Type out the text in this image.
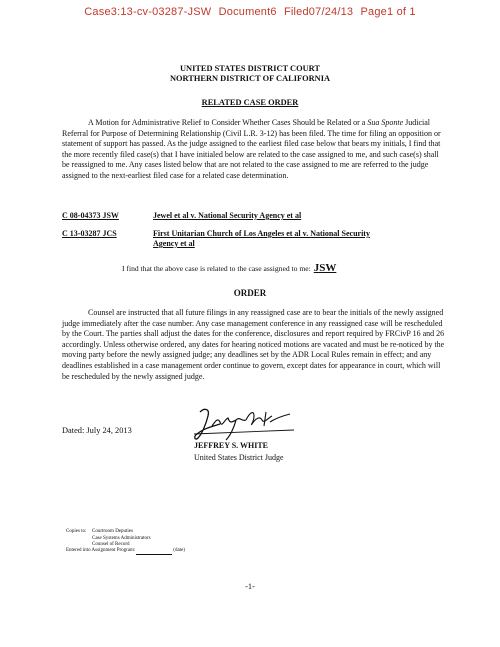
Case3:13-cv-03287-JSW Document6 Filed07/24/13 Page1 of 1
UNITED STATES DISTRICT COURT
NORTHERN DISTRICT OF CALIFORNIA
RELATED CASE ORDER
A Motion for Administrative Relief to Consider Whether Cases Should be Related or a Sua Sponte Judicial Referral for Purpose of Determining Relationship (Civil L.R. 3-12) has been filed. The time for filing an opposition or statement of support has passed. As the judge assigned to the earliest filed case below that bears my initials, I find that the more recently filed case(s) that I have initialed below are related to the case assigned to me, and such case(s) shall be reassigned to me. Any cases listed below that are not related to the case assigned to me are referred to the judge assigned to the next-earliest filed case for a related case determination.
C 08-04373 JSW	Jewel et al v. National Security Agency et al
C 13-03287 JCS	First Unitarian Church of Los Angeles et al v. National Security Agency et al
I find that the above case is related to the case assigned to me: JSW
ORDER
Counsel are instructed that all future filings in any reassigned case are to bear the initials of the newly assigned judge immediately after the case number. Any case management conference in any reassigned case will be rescheduled by the Court. The parties shall adjust the dates for the conference, disclosures and report required by FRCivP 16 and 26 accordingly. Unless otherwise ordered, any dates for hearing noticed motions are vacated and must be re-noticed by the moving party before the newly assigned judge; any deadlines set by the ADR Local Rules remain in effect; and any deadlines established in a case management order continue to govern, except dates for appearance in court, which will be rescheduled by the newly assigned judge.
Dated: July 24, 2013
JEFFREY S. WHITE
United States District Judge
Copies to: Courtroom Deputies
Case Systems Administrators
Counsel of Record
Entered into Assignment Program:	(date)
-1-
